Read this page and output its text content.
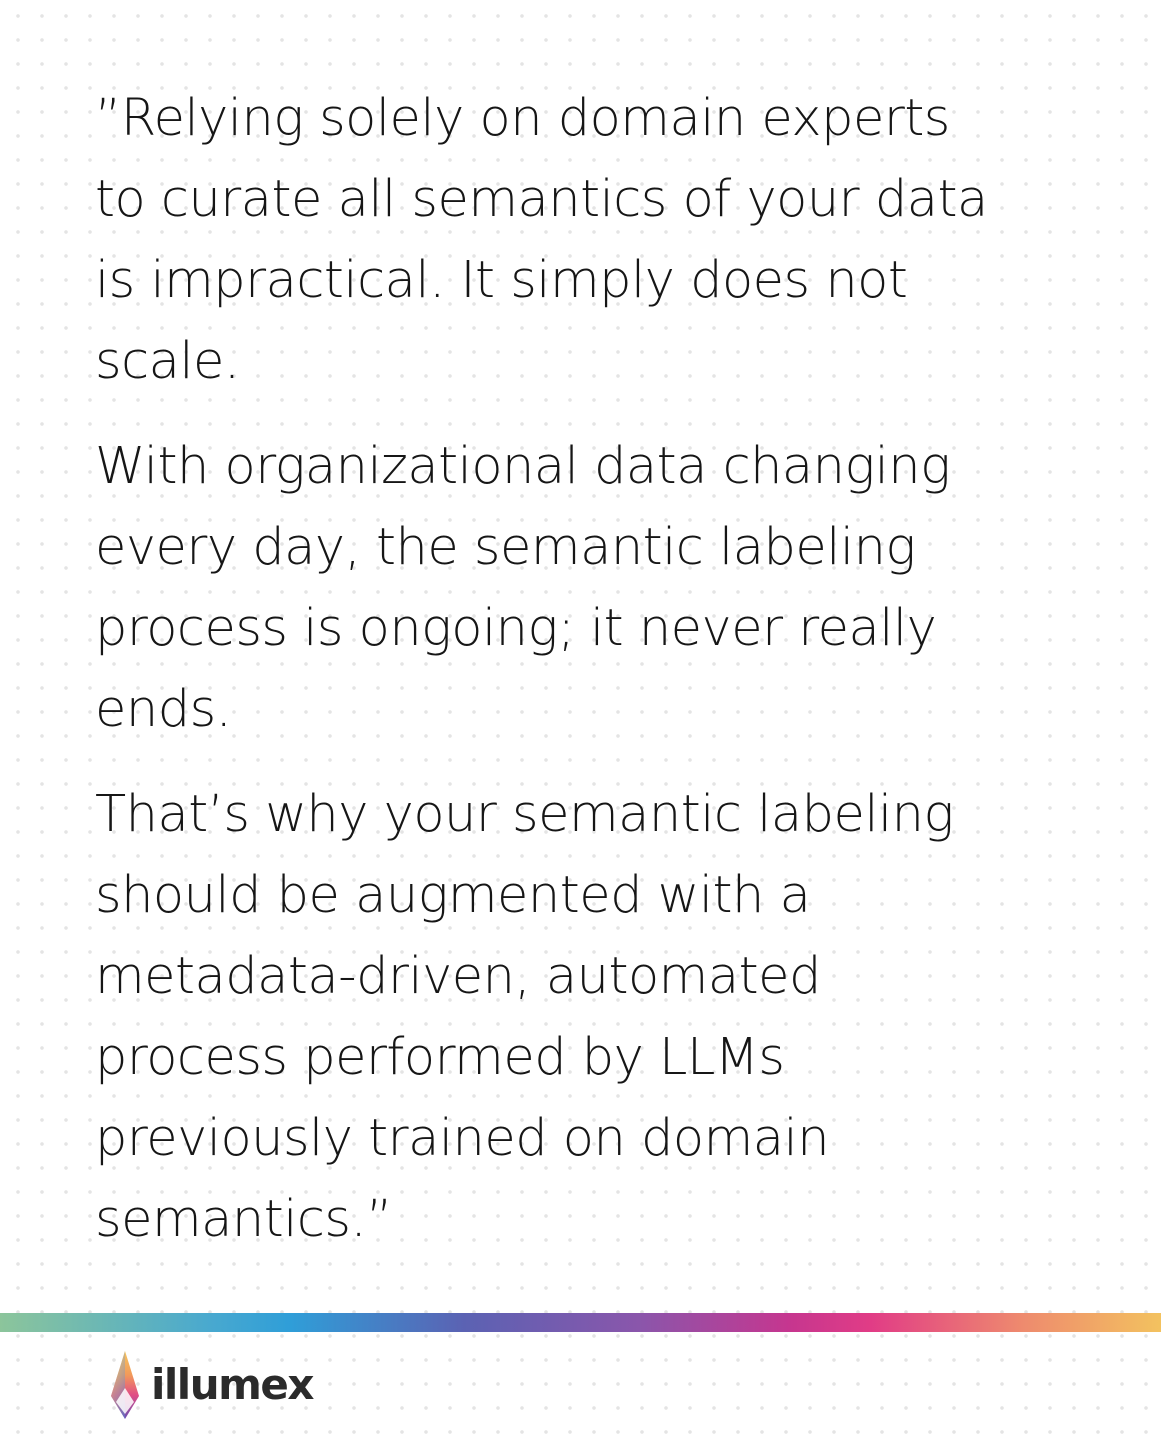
”Relying solely on domain experts
to curate all semantics of your data
is impractical. It simply does not
scale.

With organizational data changing
every day, the semantic labeling
process is ongoing; it never really
ends.

That’s why your semantic labeling
should be augmented with a
metadata-driven, automated
process performed by LLMs
previously trained on domain
semantics.”

illumex
